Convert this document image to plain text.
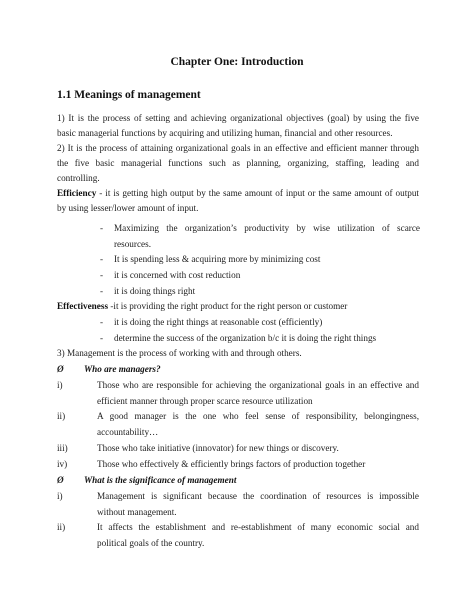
Chapter One: Introduction
1.1 Meanings of management
1) It is the process of setting and achieving organizational objectives (goal) by using the five
basic managerial functions by acquiring and utilizing human, financial and other resources.
2) It is the process of attaining organizational goals in an effective and efficient manner through
the five basic managerial functions such as planning, organizing, staffing, leading and
controlling.
Efficiency - it is getting high output by the same amount of input or the same amount of output
by using lesser/lower amount of input.
- Maximizing the organization’s productivity by wise utilization of scarce
resources.
- It is spending less & acquiring more by minimizing cost
- it is concerned with cost reduction
- it is doing things right
Effectiveness -it is providing the right product for the right person or customer
- it is doing the right things at reasonable cost (efficiently)
- determine the success of the organization b/c it is doing the right things
3) Management is the process of working with and through others.
Ø Who are managers?
i)	Those who are responsible for achieving the organizational goals in an effective and
efficient manner through proper scarce resource utilization
ii)	A good manager is the one who feel sense of responsibility, belongingness,
accountability…
iii)	Those who take initiative (innovator) for new things or discovery.
iv)	Those who effectively & efficiently brings factors of production together
Ø What is the significance of management
i)	Management is significant because the coordination of resources is impossible
without management.
ii)	It affects the establishment and re-establishment of many economic social and
political goals of the country.
